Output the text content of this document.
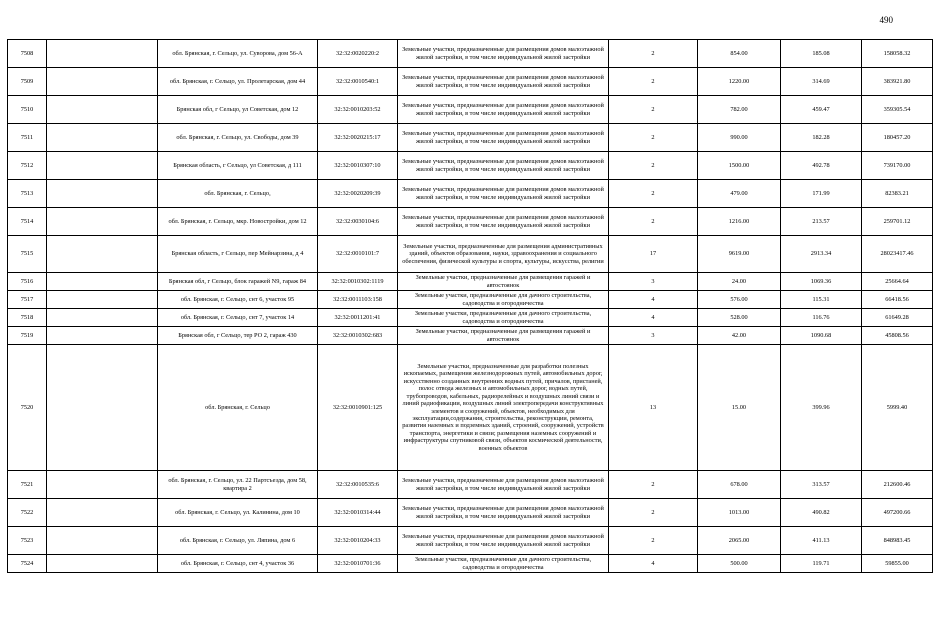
490
7508		обл. Брянская, г. Сельцо, ул. Суворова, дом 56-А	32:32:0020220:2	Земельные участки, предназначенные для размещения домов малоэтажной жилой застройки, в том числе индивидуальной жилой застройки	2	854.00	185.08	158058.32
7509		обл. Брянская, г. Сельцо, ул. Пролетарская, дом 44	32:32:0010540:1	Земельные участки, предназначенные для размещения домов малоэтажной жилой застройки, в том числе индивидуальной жилой застройки	2	1220.00	314.69	383921.80
7510		Брянская обл, г Сельцо, ул Советская, дом 12	32:32:0010203:52	Земельные участки, предназначенные для размещения домов малоэтажной жилой застройки, в том числе индивидуальной жилой застройки	2	782.00	459.47	359305.54
7511		обл. Брянская, г. Сельцо, ул. Свободы, дом 39	32:32:0020215:17	Земельные участки, предназначенные для размещения домов малоэтажной жилой застройки, в том числе индивидуальной жилой застройки	2	990.00	182.28	180457.20
7512		Брянская область, г Сельцо, ул Советская, д 111	32:32:0010307:10	Земельные участки, предназначенные для размещения домов малоэтажной жилой застройки, в том числе индивидуальной жилой застройки	2	1500.00	492.78	739170.00
7513		обл. Брянская, г. Сельцо,	32:32:0020209:39	Земельные участки, предназначенные для размещения домов малоэтажной жилой застройки, в том числе индивидуальной жилой застройки	2	479.00	171.99	82383.21
7514		обл. Брянская, г. Сельцо, мкр. Новостройки, дом 12	32:32:0030104:6	Земельные участки, предназначенные для размещения домов малоэтажной жилой застройки, в том числе индивидуальной жилой застройки	2	1216.00	213.57	259701.12
7515		Брянская область, г Сельцо, пер Мейнарзина, д 4	32:32:0010101:7	Земельные участки, предназначенные для размещения административных зданий, объектов образования, науки, здравоохранения и социального обеспечения, физической культуры и спорта, культуры, искусства, религии	17	9619.00	2913.34	28023417.46
7516		Брянская обл, г Сельцо, блок гаражей N9, гараж 84	32:32:0010302:1119	Земельные участки, предназначенные для размещения гаражей и автостоянок	3	24.00	1069.36	25664.64
7517		обл. Брянская, г. Сельцо, снт 6, участок 95	32:32:0011103:158	Земельные участки, предназначенные для дачного строительства, садоводства и огородничества	4	576.00	115.31	66418.56
7518		обл. Брянская, г. Сельцо, снт 7, участок 14	32:32:0011201:41	Земельные участки, предназначенные для дачного строительства, садоводства и огородничества	4	528.00	116.76	61649.28
7519		Брянская обл, г Сельцо, тер РО 2, гараж 430	32:32:0010302:683	Земельные участки, предназначенные для размещения гаражей и автостоянок	3	42.00	1090.68	45808.56
7520		обл. Брянская, г. Сельцо	32:32:0010901:125	Земельные участки, предназначенные для разработки полезных ископаемых, размещения железнодорожных путей, автомобильных дорог, искусственно созданных внутренних водных путей, причалов, пристаней, полос отвода железных и автомобильных дорог, водных путей, трубопроводов, кабельных, радиорелейных и воздушных линий связи и линий радиофикации, воздушных линий электропередачи конструктивных элементов и сооружений, объектов, необходимых для эксплуатации,содержания, строительства, реконструкции, ремонта, развития наземных и подземных зданий, строений, сооружений, устройств транспорта, энергетики и связи; размещения наземных сооружений и инфраструктуры спутниковой связи, объектов космической деятельности, военных объектов	13	15.00	399.96	5999.40
7521		обл. Брянская, г. Сельцо, ул. 22 Партсъезда, дом 58, квартира 2	32:32:0010535:6	Земельные участки, предназначенные для размещения домов малоэтажной жилой застройки, в том числе индивидуальной жилой застройки	2	678.00	313.57	212600.46
7522		обл. Брянская, г. Сельцо, ул. Калинина, дом 10	32:32:0010314:44	Земельные участки, предназначенные для размещения домов малоэтажной жилой застройки, в том числе индивидуальной жилой застройки	2	1013.00	490.82	497200.66
7523		обл. Брянская, г. Сельцо, ул. Ляпина, дом 6	32:32:0010204:33	Земельные участки, предназначенные для размещения домов малоэтажной жилой застройки, в том числе индивидуальной жилой застройки	2	2065.00	411.13	848983.45
7524		обл. Брянская, г. Сельцо, снт 4, участок 36	32:32:0010701:36	Земельные участки, предназначенные для дачного строительства, садоводства и огородничества	4	500.00	119.71	59855.00
